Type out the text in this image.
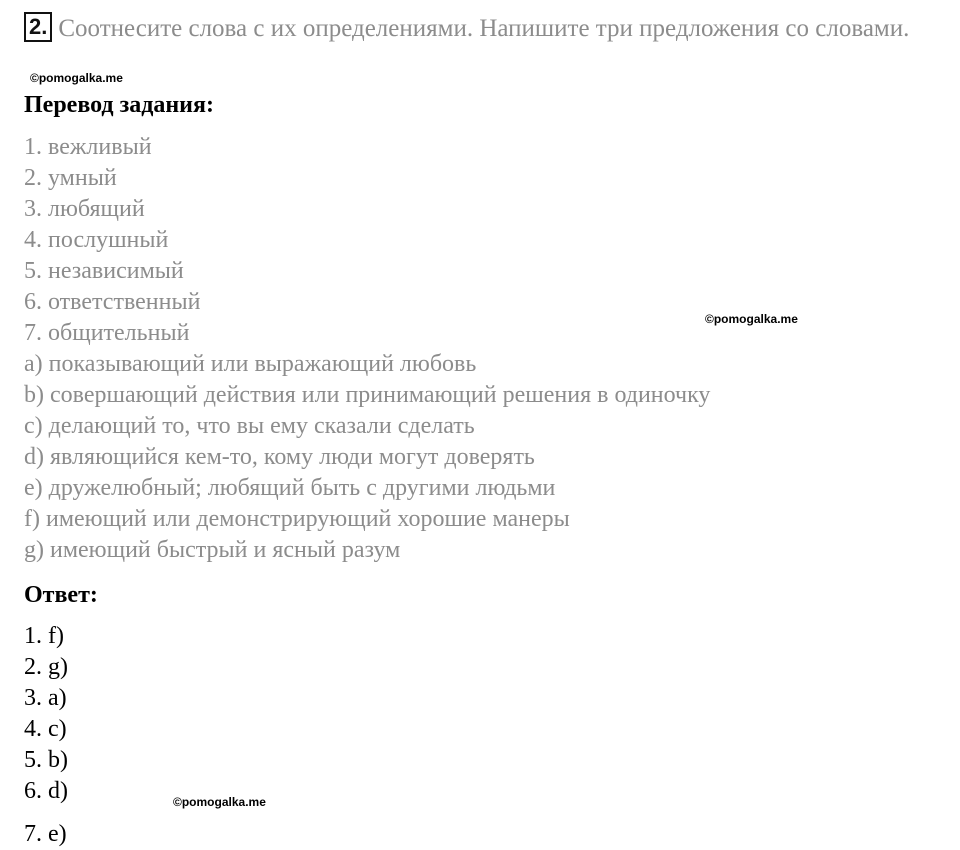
2. Соотнесите слова с их определениями. Напишите три предложения со словами.
©pomogalka.me
Перевод задания:
1. вежливый
2. умный
3. любящий
4. послушный
5. независимый
6. ответственный
7. общительный
a) показывающий или выражающий любовь
b) совершающий действия или принимающий решения в одиночку
c) делающий то, что вы ему сказали сделать
d) являющийся кем-то, кому люди могут доверять
e) дружелюбный; любящий быть с другими людьми
f) имеющий или демонстрирующий хорошие манеры
g) имеющий быстрый и ясный разум
©pomogalka.me
Ответ:
1. f)
2. g)
3. a)
4. c)
5. b)
6. d)
7. e)
©pomogalka.me
